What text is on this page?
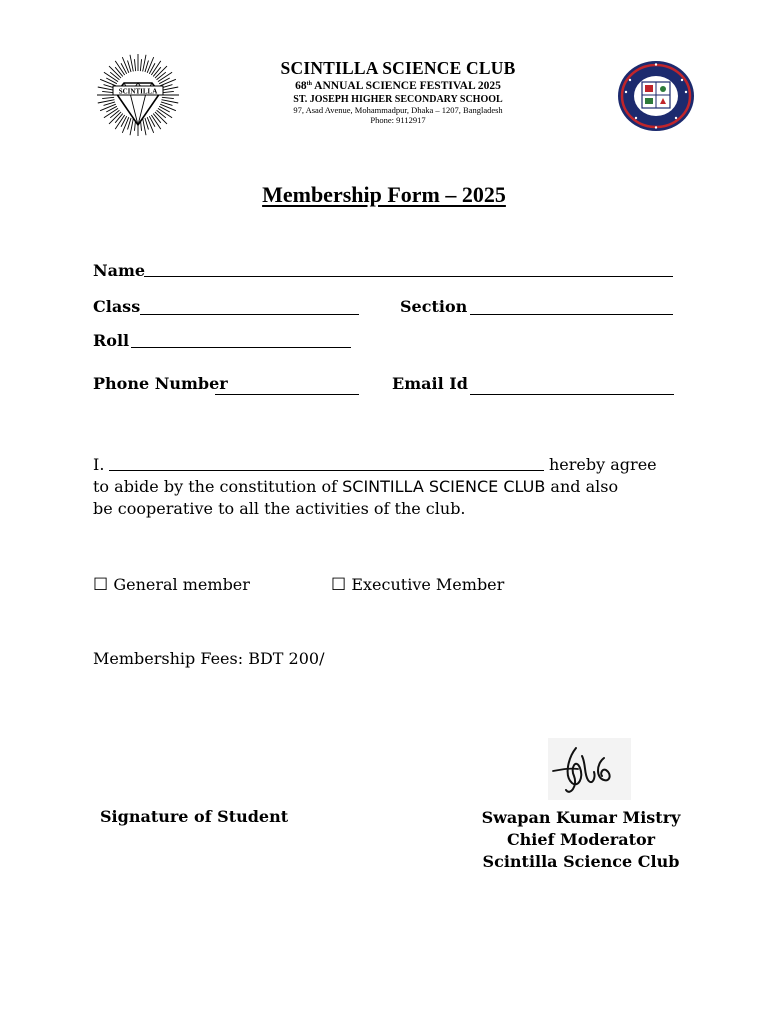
SCINTILLA
SCINTILLA SCIENCE CLUB
68th ANNUAL SCIENCE FESTIVAL 2025
ST. JOSEPH HIGHER SECONDARY SCHOOL
97, Asad Avenue, Mohammadpur, Dhaka – 1207, Bangladesh
Phone: 9112917
Membership Form – 2025
Name
Class	Section
Roll
Phone Number	Email Id
I.	hereby agree
to abide by the constitution of SCINTILLA SCIENCE CLUB and also
be cooperative to all the activities of the club.
☐ General member	☐ Executive Member
Membership Fees: BDT 200/
Signature of Student	Swapan Kumar Mistry
Chief Moderator
Scintilla Science Club
